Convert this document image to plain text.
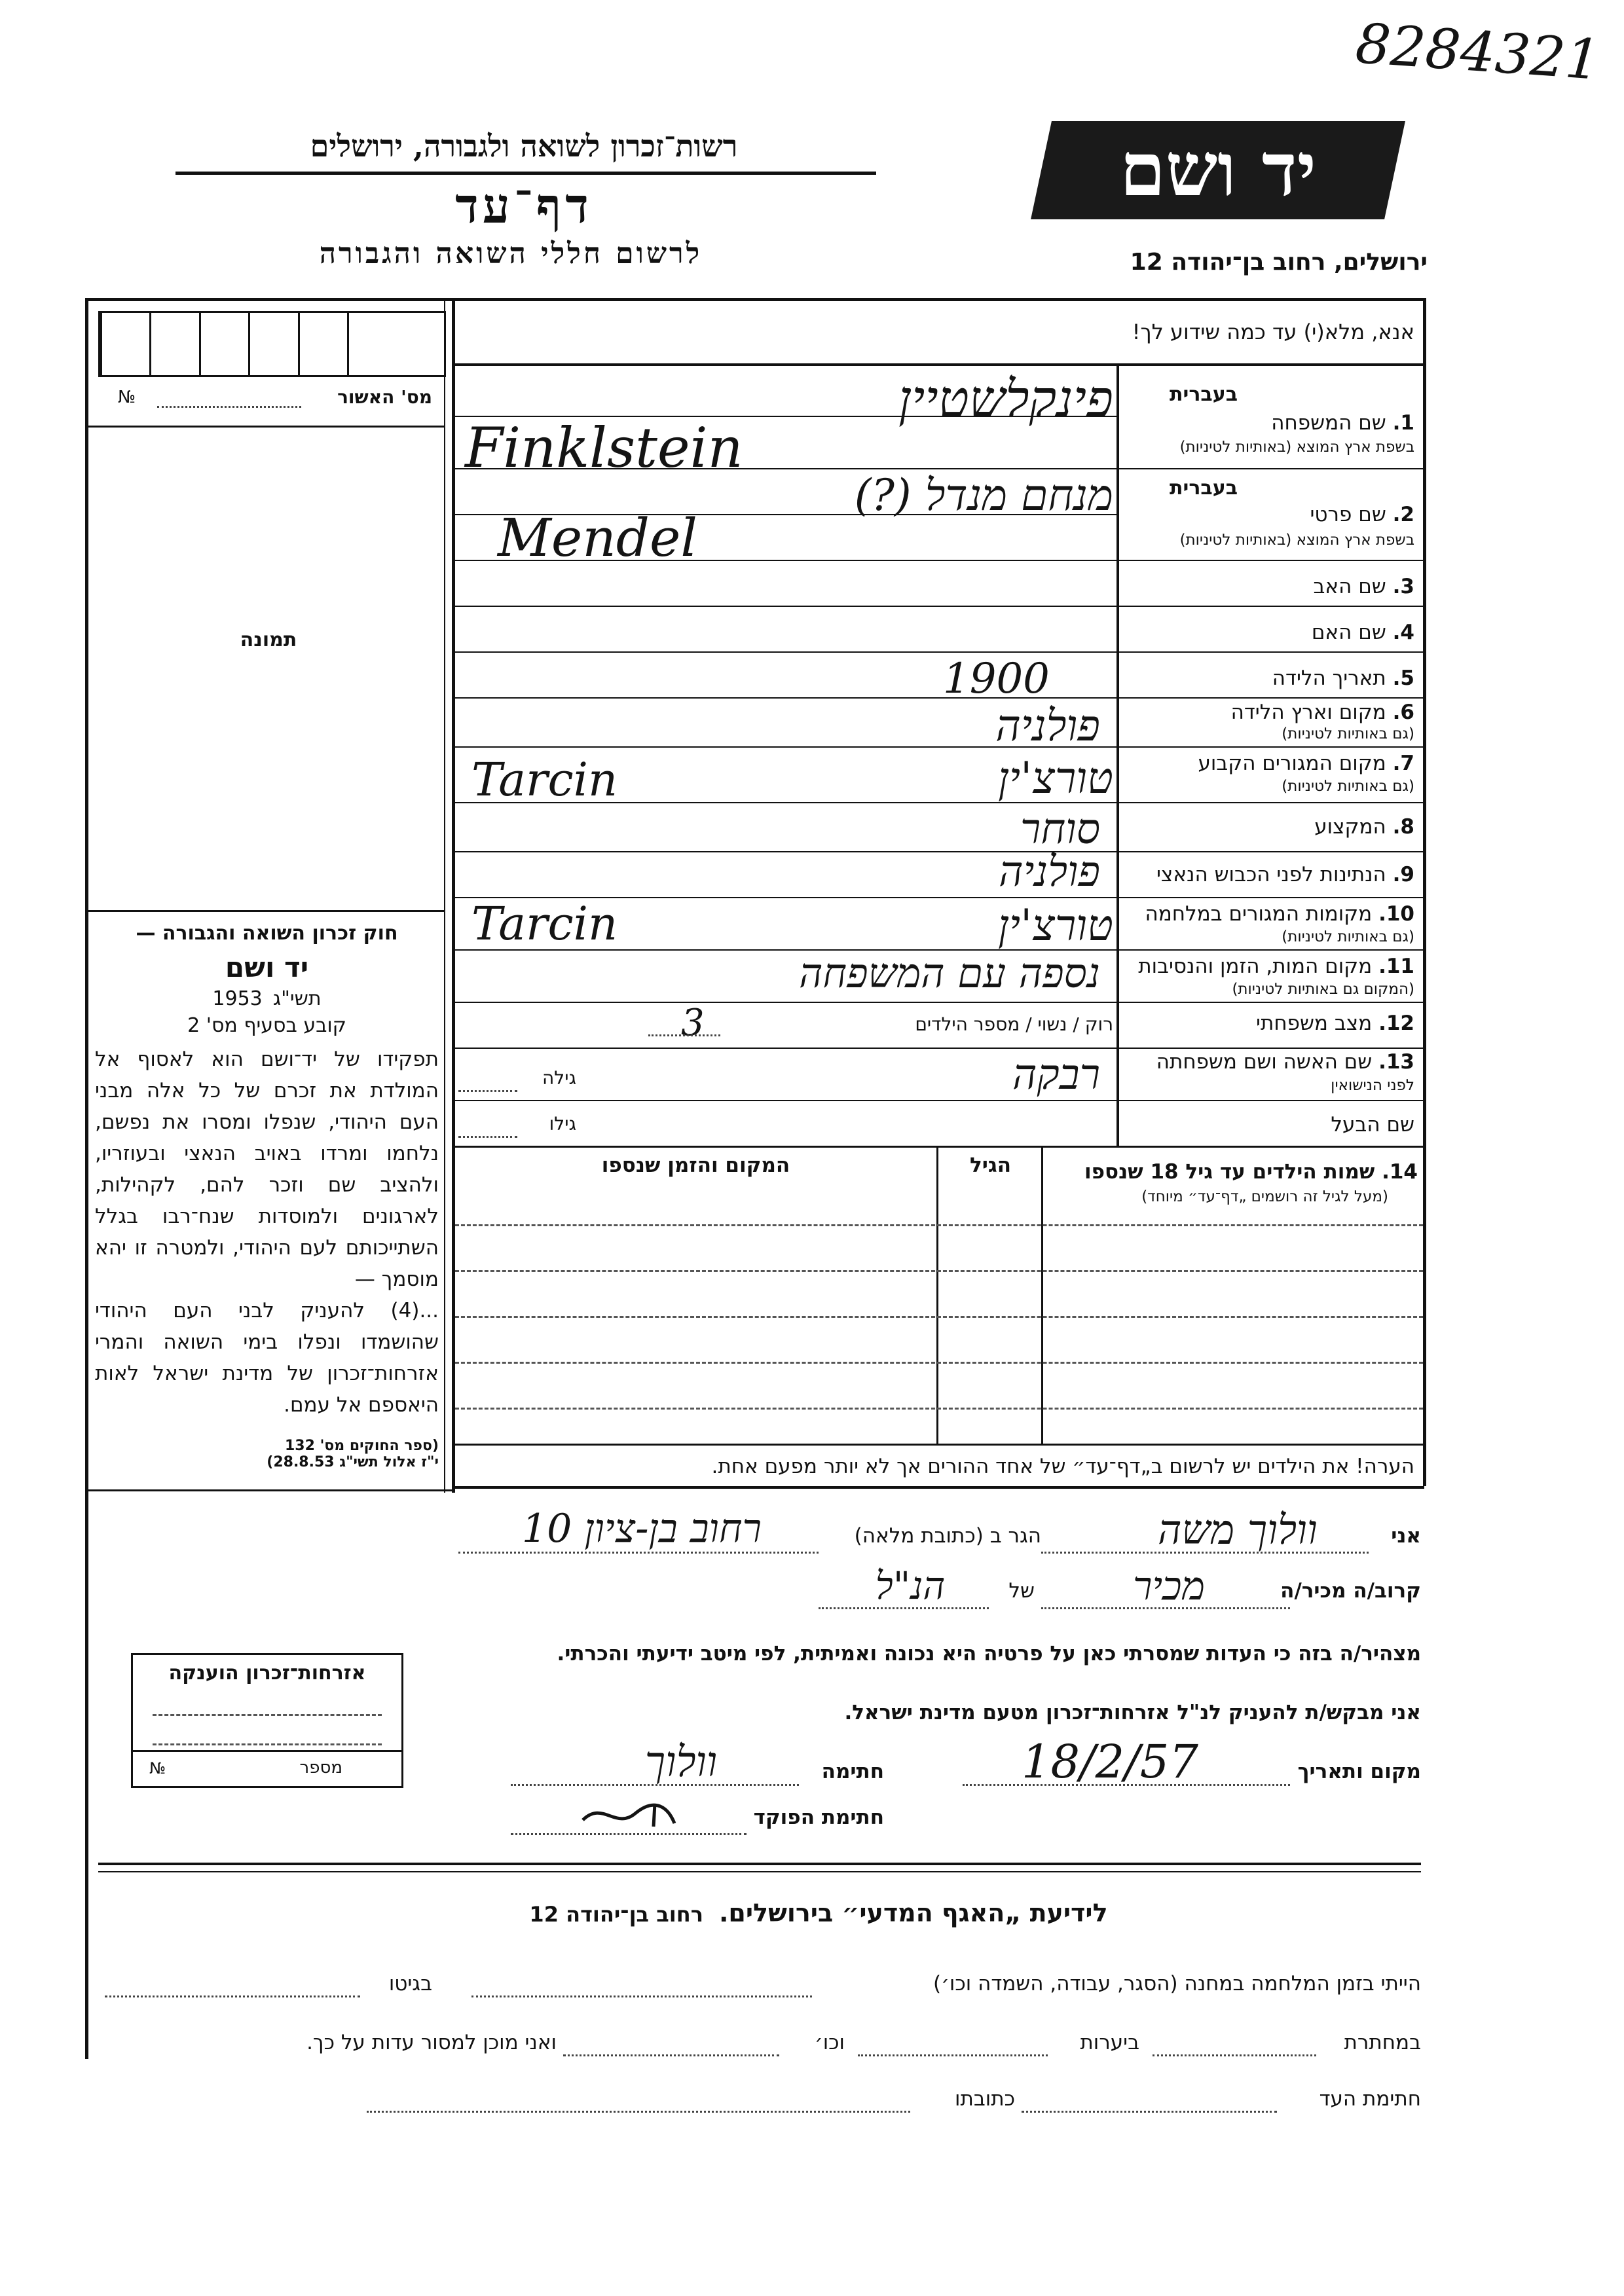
8284321
יד ושם
רשות־זכרון לשואה ולגבורה, ירושלים
דף־עד
לרשום חללי השואה והגבורה	ירושלים, רחוב בן־יהודה 12
מס' האשור
№
תמונה
חוק זכרון השואה והגבורה —
יד ושם
תשי"ג
1953
קובע בסעיף מס' 2
תפקידו של יד־ושם הוא לאסוף אל המולדת את זכרם של כל אלה מבני העם היהודי, שנפלו ומסרו את נפשם, נלחמו ומרדו באויב הנאצי ובעוזריו, ולהציב שם וזכר להם, לקהילות, לארגונים ולמוסדות שנח־רבו בגלל השתייכותם לעם היהודי, ולמטרה זו יהא מוסמך —
...(4) להעניק לבני העם היהודי שהושמדו ונפלו בימי השואה והמרי אזרחות־זכרון של מדינת ישראל לאות היאספם אל עמם.
(ספר החוקים מס' 132
י"ז אלול תשי"ג 28.8.53)
אנא, מלא(י) עד כמה שידוע לך!
בעברית
1. שם המשפחה
בשפת ארץ המוצא (באותיות לטיניות)
פינקלשטיין
Finklstein
בעברית
2. שם פרטי
בשפת ארץ המוצא (באותיות לטיניות)
מנחם מנדל (?)
Mendel
3. שם האב
4. שם האם
5. תאריך הלידה
1900
6. מקום וארץ הלידה
(גם באותיות לטיניות)
פולניה
7. מקום המגורים הקבוע
(גם באותיות לטיניות)
טורצ'ין
Tarcin
8. המקצוע
סוחר
9. הנתינות לפני הכבוש הנאצי
פולניה
10. מקומות המגורים במלחמה
(גם באותיות לטיניות)
טורצ'ין
Tarcin
11. מקום המות, הזמן והנסיבות
(המקום גם באותיות לטיניות)
נספה עם המשפחה
12. מצב משפחתי
רוק / נשוי / מספר הילדים
3
13. שם האשה ושם משפחתה
לפני הנישואין
רבקה
גילה
שם הבעל
גילו
14. שמות הילדים עד גיל 18 שנספו
(מעל לגיל זה רושמים „דף־עד״ מיוחד)
הגיל
המקום והזמן שנספו
הערה! את הילדים יש לרשום ב„דף־עד״ של אחד ההורים אך לא יותר מפעם אחת.
אני
וולוך משה
הגר ב (כתובת מלאה)
רחוב בן-ציון 10
קרוב/ה מכיר/ה
מכיר
של
הנ"ל
מצהיר/ה בזה כי העדות שמסרתי כאן על פרטיה היא נכונה ואמיתית, לפי מיטב ידיעתי והכרתי.
אני מבקש/ת להעניק לנ"ל אזרחות־זכרון מטעם מדינת ישראל.
מקום ותאריך
18/2/57
חתימה
וולוך
חתימת הפוקד
אזרחות־זכרון הוענקה
מספר
№
לידיעת „האגף המדעי״ בירושלים.
רחוב בן־יהודה 12
הייתי בזמן המלחמה במחנה (הסגר, עבודה, השמדה וכו׳)
בגיטו
במחתרת
ביערות
וכו׳
ואני מוכן למסור עדות על כך.
חתימת העד
כתובתו
